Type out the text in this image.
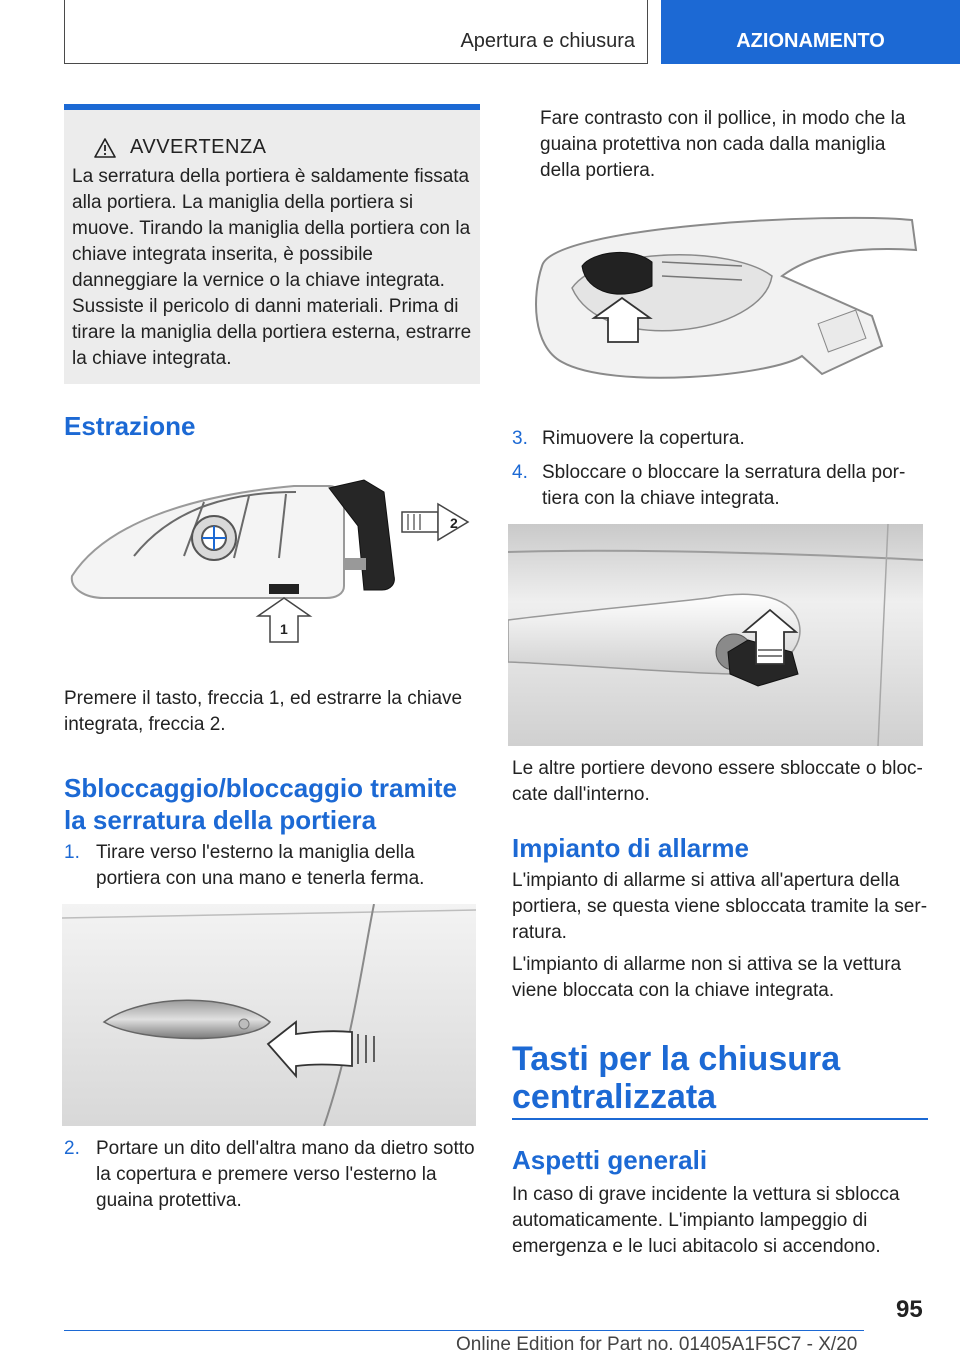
Apertura e chiusura	AZIONAMENTO
AVVERTENZA
La serratura della portiera è saldamente fissata alla portiera. La maniglia della portiera si muove. Tirando la maniglia della portiera con la chiave integrata inserita, è possibile danneggiare la vernice o la chiave integrata. Sussiste il pericolo di danni materiali. Prima di tirare la maniglia della portiera esterna, estrarre la chiave integrata.
Estrazione
2
1
Premere il tasto, freccia 1, ed estrarre la chiave integrata, freccia 2.
Sbloccaggio/bloccaggio tramite la serratura della portiera
1. Tirare verso l'esterno la maniglia della portiera con una mano e tenerla ferma.
2. Portare un dito dell'altra mano da dietro sotto la copertura e premere verso l'esterno la guaina protettiva.
Fare contrasto con il pollice, in modo che la guaina protettiva non cada dalla maniglia della portiera.
3. Rimuovere la copertura.
4. Sbloccare o bloccare la serratura della portiera con la chiave integrata.
Le altre portiere devono essere sbloccate o bloccate dall'interno.
Impianto di allarme
L'impianto di allarme si attiva all'apertura della portiera, se questa viene sbloccata tramite la serratura.
L'impianto di allarme non si attiva se la vettura viene bloccata con la chiave integrata.
Tasti per la chiusura centralizzata
Aspetti generali
In caso di grave incidente la vettura si sblocca automaticamente. L'impianto lampeggio di emergenza e le luci abitacolo si accendono.
95
Online Edition for Part no. 01405A1F5C7 - X/20
